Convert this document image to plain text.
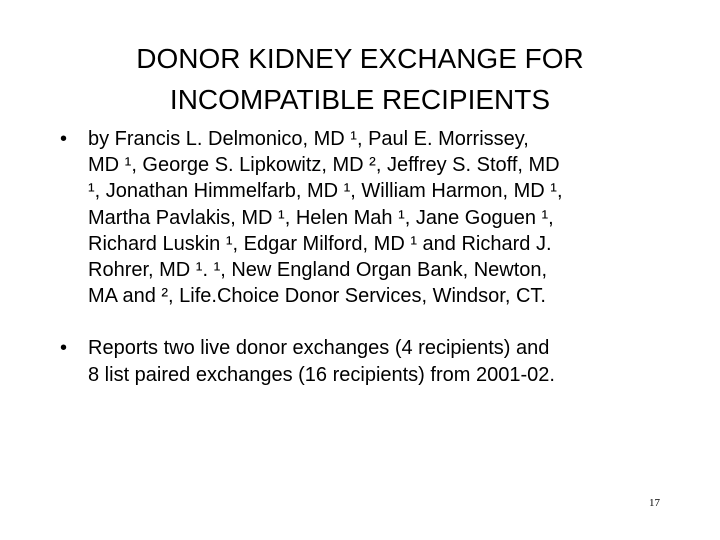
DONOR KIDNEY EXCHANGE FOR
INCOMPATIBLE RECIPIENTS
• by Francis L. Delmonico, MD ¹, Paul E. Morrissey,
MD ¹, George S. Lipkowitz, MD ², Jeffrey S. Stoff, MD
¹, Jonathan Himmelfarb, MD ¹, William Harmon, MD ¹,
Martha Pavlakis, MD ¹, Helen Mah ¹, Jane Goguen ¹,
Richard Luskin ¹, Edgar Milford, MD ¹ and Richard J.
Rohrer, MD ¹. ¹, New England Organ Bank, Newton,
MA and ², Life.Choice Donor Services, Windsor, CT.
• Reports two live donor exchanges (4 recipients) and
8 list paired exchanges (16 recipients) from 2001-02.
17
